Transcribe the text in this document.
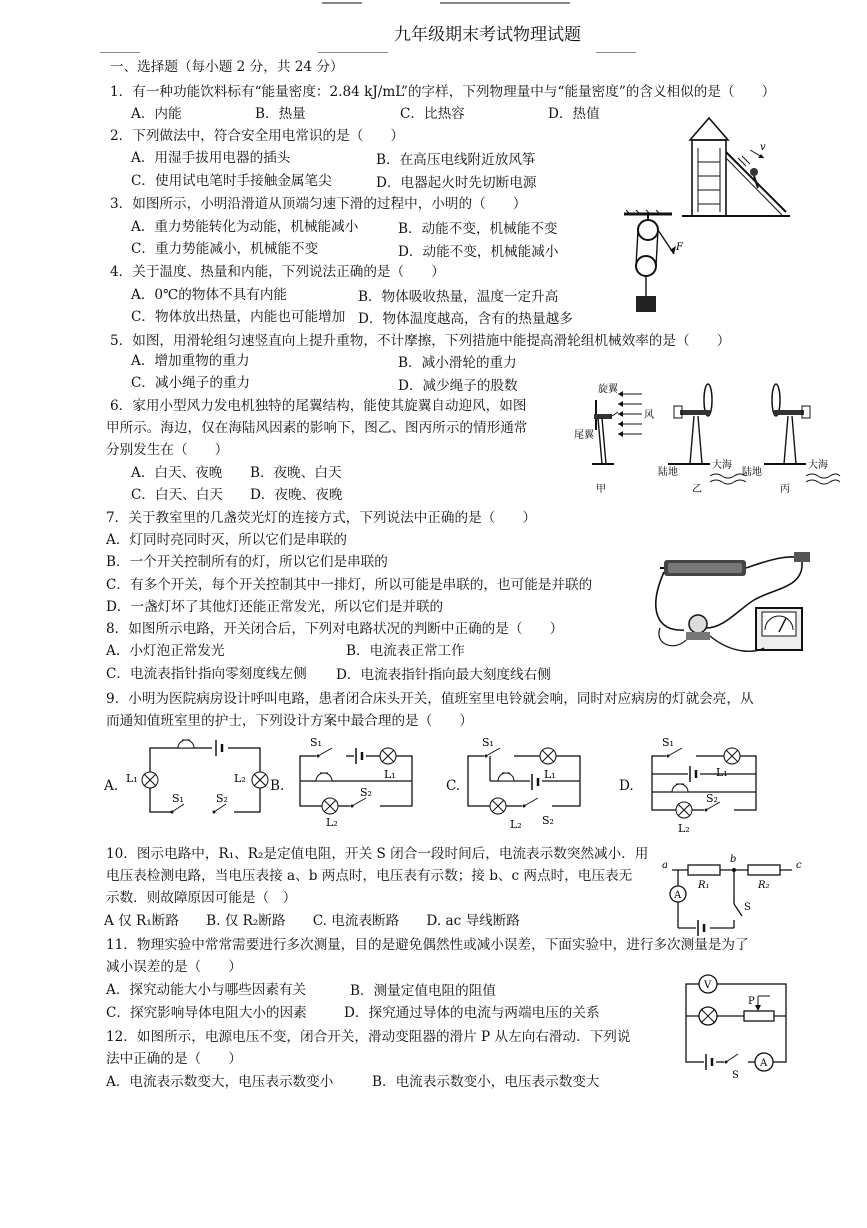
九年级期末考试物理试题
一、选择题（每小题 2 分，共 24 分）
1．有一种功能饮料标有“能量密度：2.84 kJ/mL”的字样，下列物理量中与“能量密度”的含义相似的是（　　）
A．内能	B．热量	C．比热容	D．热值
2．下列做法中，符合安全用电常识的是（　　）
A．用湿手拔用电器的插头	B．在高压电线附近放风筝
C．使用试电笔时手接触金属笔尖	D．电器起火时先切断电源
3．如图所示，小明沿滑道从顶端匀速下滑的过程中，小明的（　　）
A．重力势能转化为动能，机械能减小	B．动能不变，机械能不变
C．重力势能减小，机械能不变	D．动能不变，机械能减小
4．关于温度、热量和内能，下列说法正确的是（　　）
A．0℃的物体不具有内能	B．物体吸收热量，温度一定升高
C．物体放出热量，内能也可能增加 D．物体温度越高，含有的热量越多
5．如图，用滑轮组匀速竖直向上提升重物，不计摩擦，下列措施中能提高滑轮组机械效率的是（　　）
A．增加重物的重力	B．减小滑轮的重力
C．减小绳子的重力	D．减少绳子的股数
6．家用小型风力发电机独特的尾翼结构，能使其旋翼自动迎风，如图
甲所示。海边，仅在海陆风因素的影响下，图乙、图丙所示的情形通常
分别发生在（　　）
A．白天、夜晚 B．夜晚、白天
C．白天、白天 D．夜晚、夜晚
7．关于教室里的几盏荧光灯的连接方式，下列说法中正确的是（　　）
A．灯同时亮同时灭，所以它们是串联的
B．一个开关控制所有的灯，所以它们是串联的
C．有多个开关，每个开关控制其中一排灯，所以可能是串联的，也可能是并联的
D．一盏灯坏了其他灯还能正常发光，所以它们是并联的
8．如图所示电路，开关闭合后，下列对电路状况的判断中正确的是（　　）
A．小灯泡正常发光	B．电流表正常工作
C．电流表指针指向零刻度线左侧 D．电流表指针指向最大刻度线右侧
9．小明为医院病房设计呼叫电路，患者闭合床头开关，值班室里电铃就会响，同时对应病房的灯就会亮，从
而通知值班室里的护士，下列设计方案中最合理的是（　　）
A.	B.	C.	D.
10．图示电路中，R₁、R₂是定值电阻，开关 S 闭合一段时间后，电流表示数突然减小．用
电压表检测电路，当电压表接 a、b 两点时，电压表有示数；接 b、c 两点时，电压表无
示数．则故障原因可能是（　）
A 仅 R₁断路　　B. 仅 R₂断路　　C. 电流表断路　　D. ac 导线断路
11．物理实验中常常需要进行多次测量，目的是避免偶然性或减小误差，下面实验中，进行多次测量是为了
减小误差的是（　　）
A．探究动能大小与哪些因素有关	B．测量定值电阻的阻值
C．探究影响导体电阻大小的因素	D．探究通过导体的电流与两端电压的关系
12．如图所示，电源电压不变，闭合开关，滑动变阻器的滑片 P 从左向右滑动．下列说
法中正确的是（　　）
A．电流表示数变大，电压表示数变小	B．电流表示数变小，电压表示数变大
v
F
旋翼
尾翼
风
甲
陆地
大海
乙
陆地
大海
丙
L₁	L₂
S₁	S₂
S₁
L₁
S₂
L₂
S₁
L₁
S₂
L₂
S₁
L₁
S₂
L₂
A
a
b
c
R₁	R₂
S
V
P
S
A
